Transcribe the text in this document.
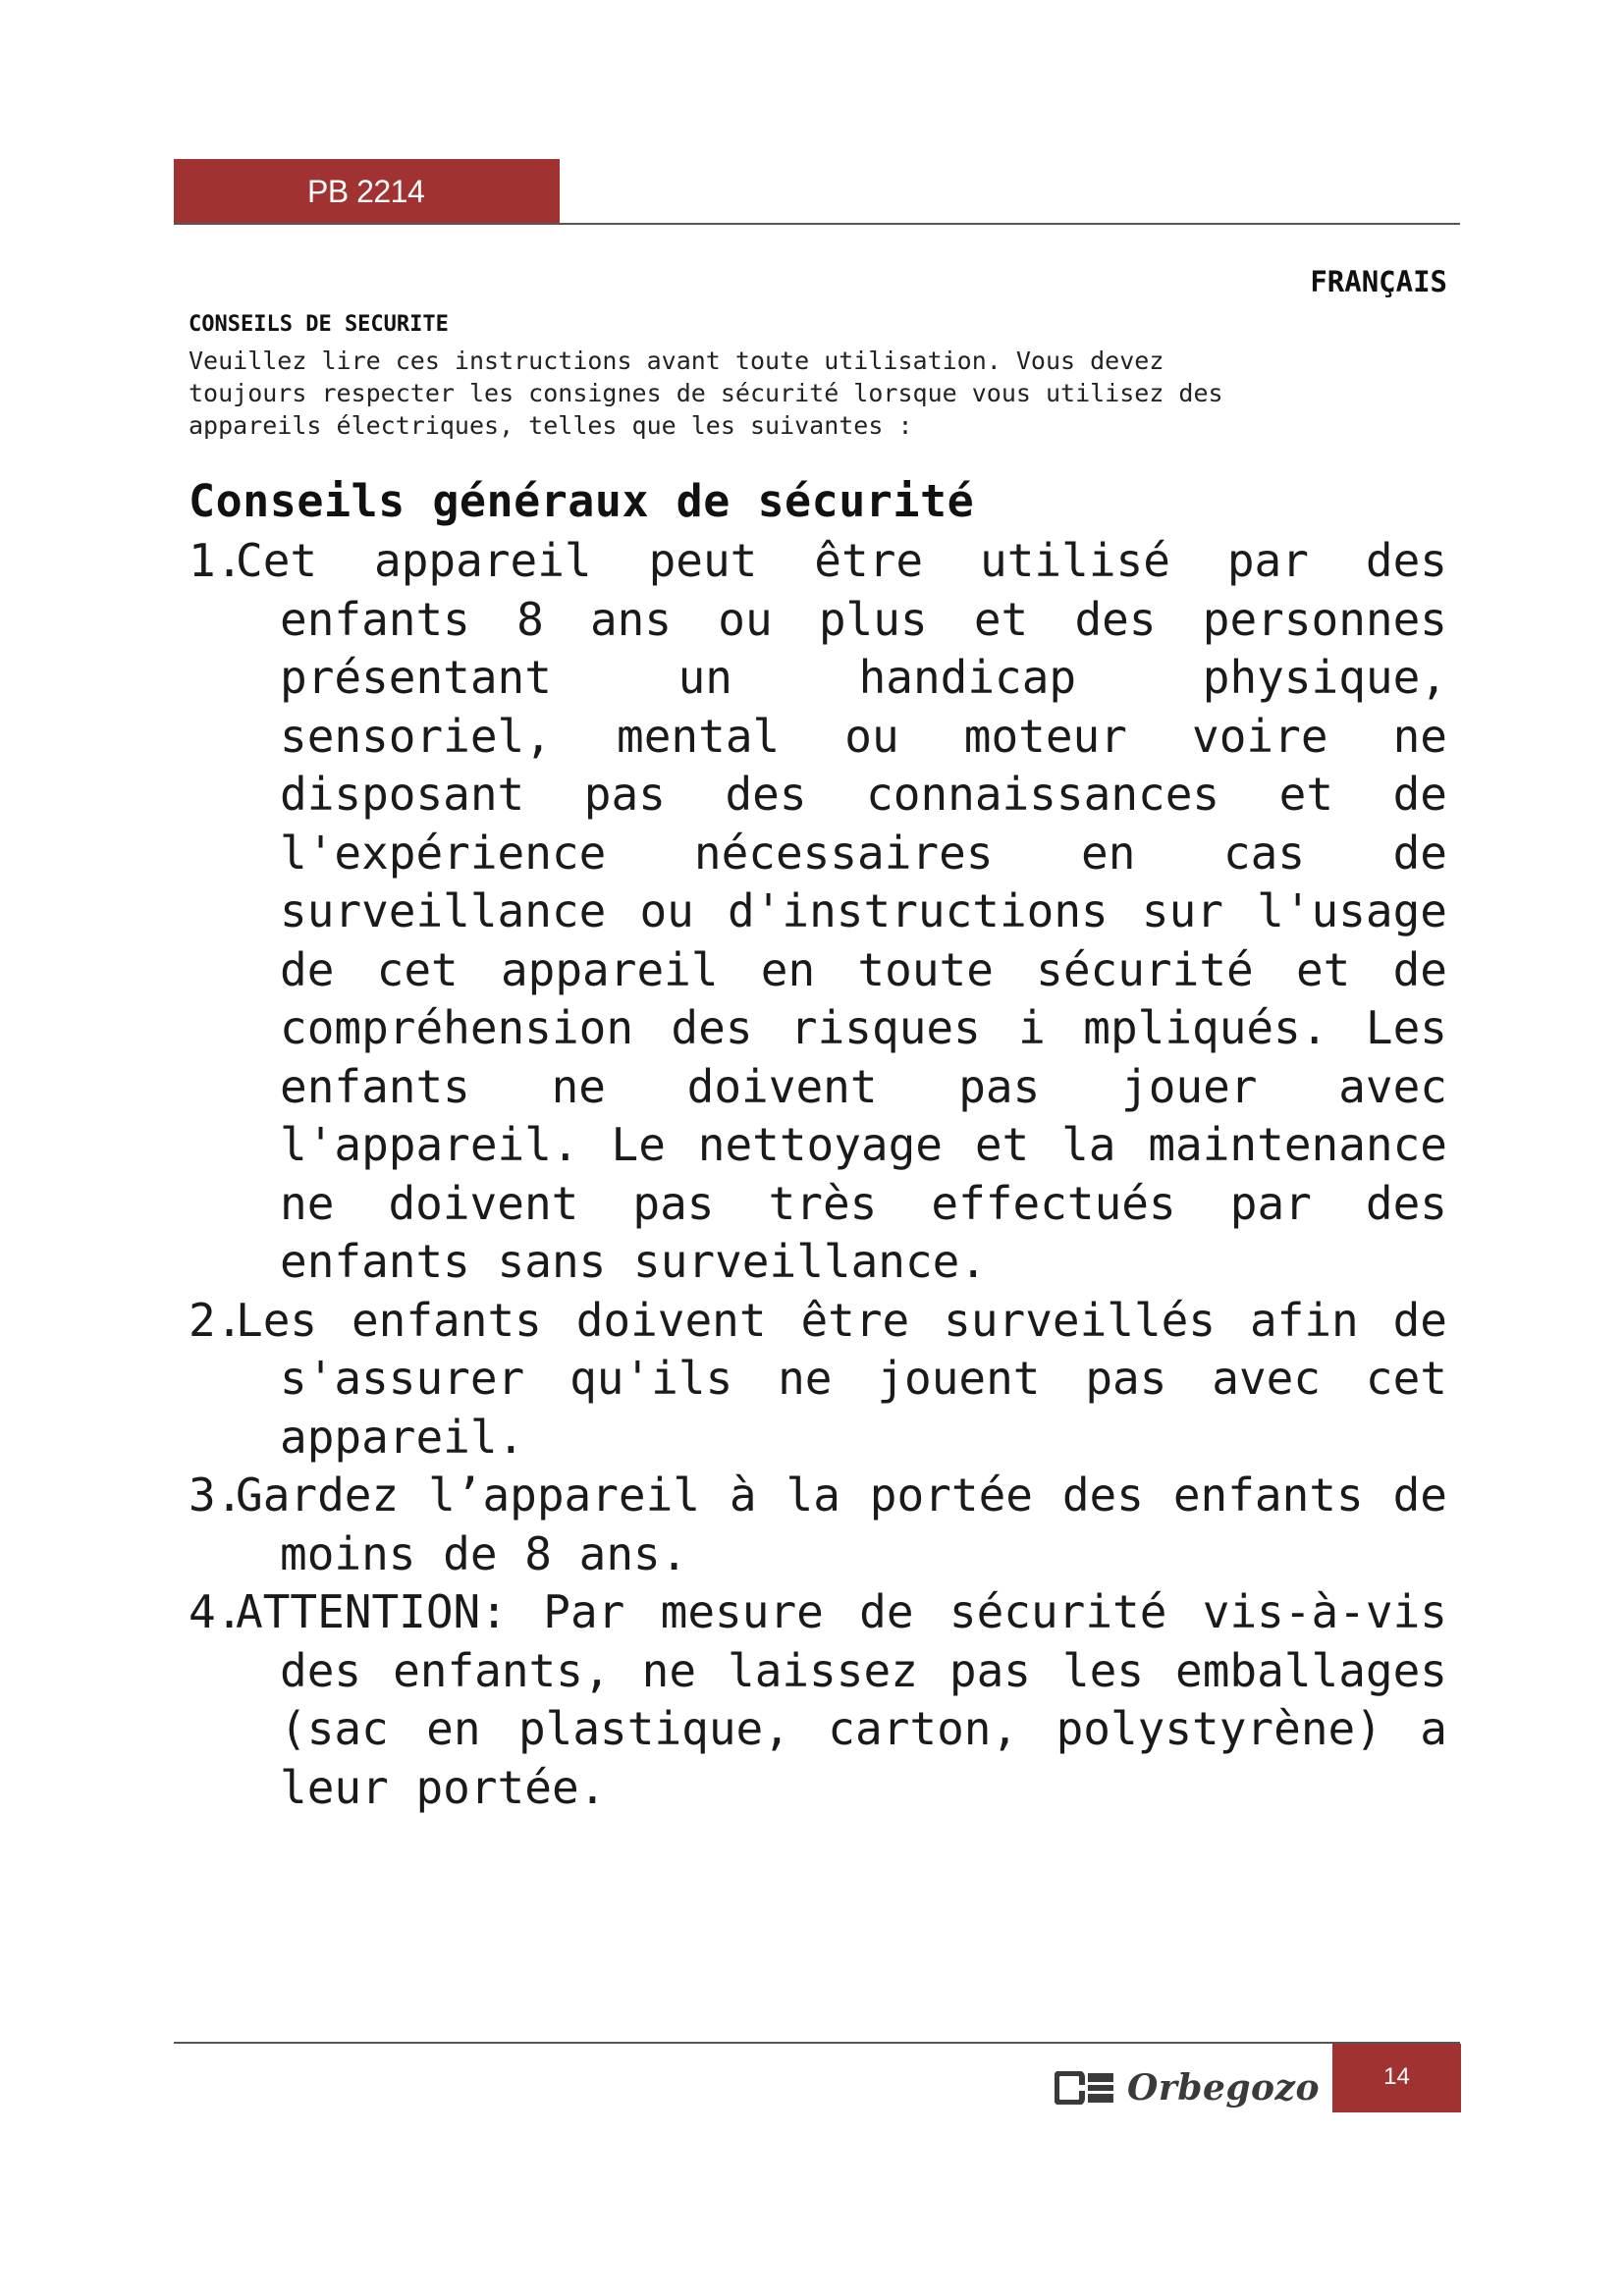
PB 2214
FRANÇAIS
CONSEILS DE SECURITE
Veuillez lire ces instructions avant toute utilisation. Vous devez
toujours respecter les consignes de sécurité lorsque vous utilisez des
appareils électriques, telles que les suivantes :
Conseils généraux de sécurité
1.
Cet appareil peut être utilisé par des enfants 8 ans ou plus et des personnes présentant un handicap physique, sensoriel, mental ou moteur voire ne disposant pas des connaissances et de l'expérience nécessaires en cas de surveillance ou d'instructions sur l'usage de cet appareil en toute sécurité et de compréhension des risques i mpliqués. Les enfants ne doivent pas jouer avec l'appareil. Le nettoyage et la maintenance ne doivent pas très effectués par des enfants sans surveillance.
2.
Les enfants doivent être surveillés afin de s'assurer qu'ils ne jouent pas avec cet appareil.
3.
Gardez l’appareil à la portée des enfants de moins de 8 ans.
4.
ATTENTION: Par mesure de sécurité vis-à-vis des enfants, ne laissez pas les emballages (sac en plastique, carton, polystyrène) a leur portée.
Orbegozo	14
